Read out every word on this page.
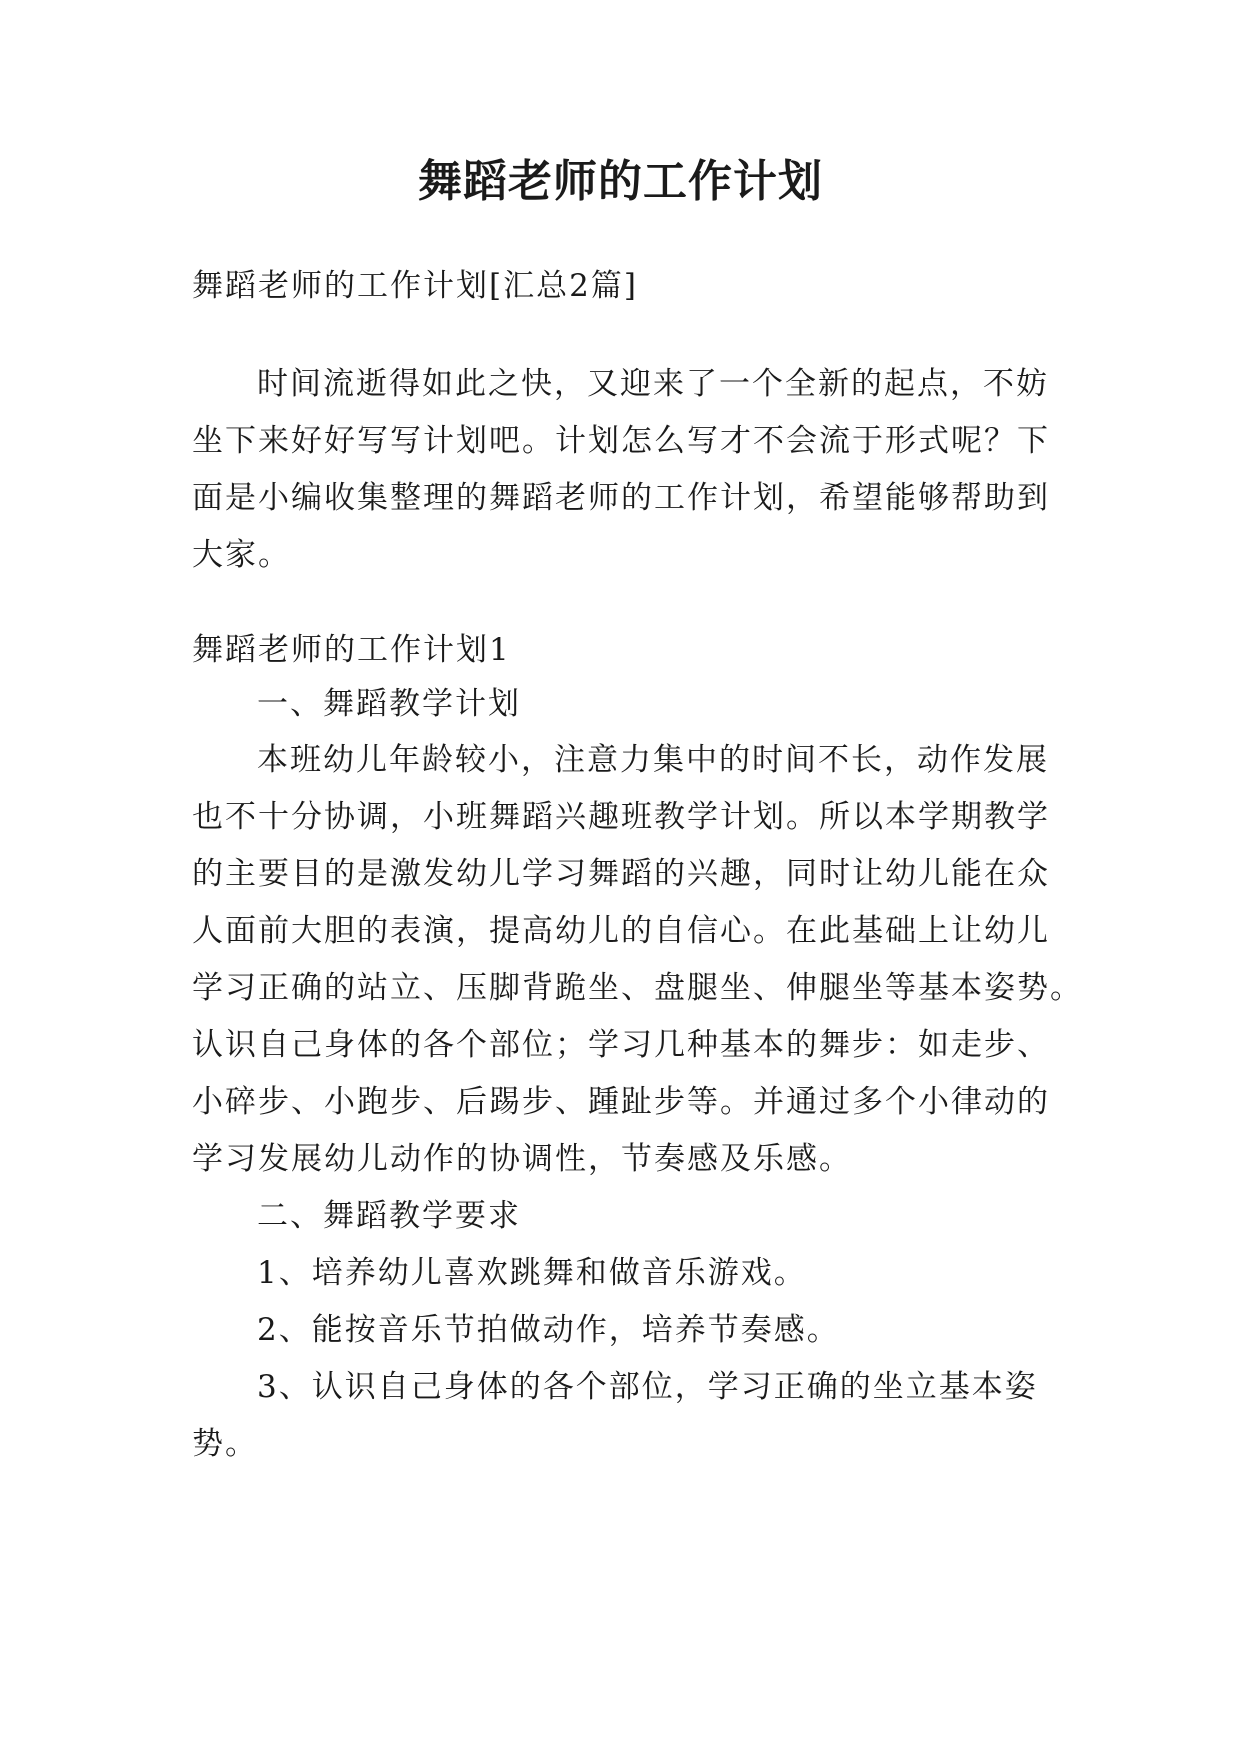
舞蹈老师的工作计划
舞蹈老师的工作计划[汇总2篇]
时间流逝得如此之快，又迎来了一个全新的起点，不妨
坐下来好好写写计划吧。计划怎么写才不会流于形式呢？下
面是小编收集整理的舞蹈老师的工作计划，希望能够帮助到
大家。
舞蹈老师的工作计划1
一、舞蹈教学计划
本班幼儿年龄较小，注意力集中的时间不长，动作发展
也不十分协调，小班舞蹈兴趣班教学计划。所以本学期教学
的主要目的是激发幼儿学习舞蹈的兴趣，同时让幼儿能在众
人面前大胆的表演，提高幼儿的自信心。在此基础上让幼儿
学习正确的站立、压脚背跪坐、盘腿坐、伸腿坐等基本姿势。
认识自己身体的各个部位；学习几种基本的舞步：如走步、
小碎步、小跑步、后踢步、踵趾步等。并通过多个小律动的
学习发展幼儿动作的协调性，节奏感及乐感。
二、舞蹈教学要求
1、培养幼儿喜欢跳舞和做音乐游戏。
2、能按音乐节拍做动作，培养节奏感。
3、认识自己身体的各个部位，学习正确的坐立基本姿
势。
